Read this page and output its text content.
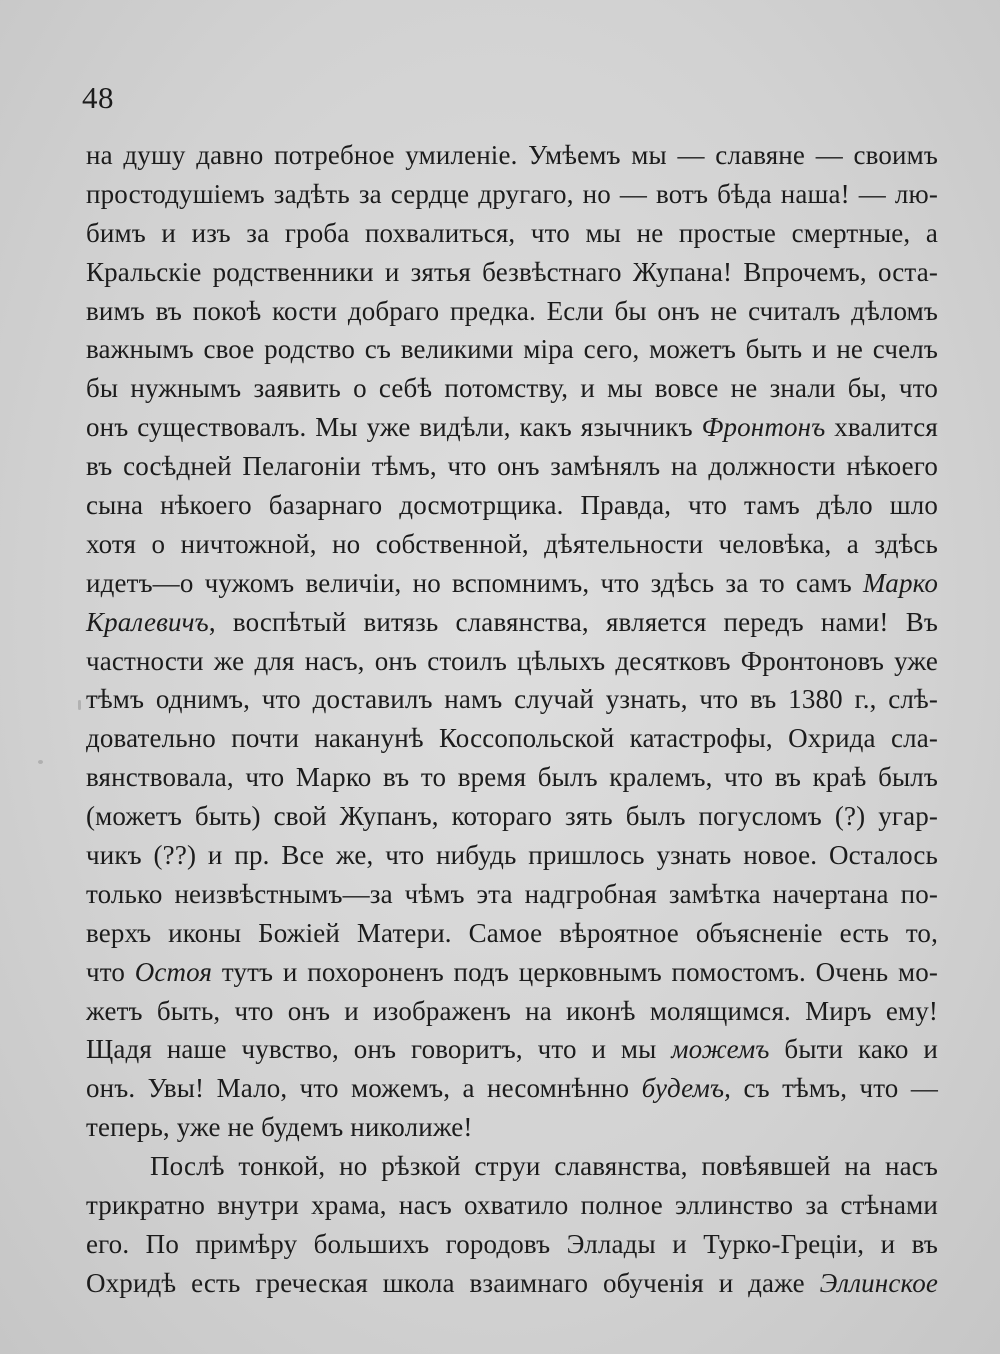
48
на душу давно потребное умиленіе. Умѣемъ мы — славяне — своимъ
простодушіемъ задѣть за сердце другаго, но — вотъ бѣда наша! — лю-
бимъ и изъ за гроба похвалиться, что мы не простые смертные, а
Кральскіе родственники и зятья безвѣстнаго Жупана! Впрочемъ, оста-
вимъ въ покоѣ кости добраго предка. Если бы онъ не считалъ дѣломъ
важнымъ свое родство съ великими міра сего, можетъ быть и не счелъ
бы нужнымъ заявить о себѣ потомству, и мы вовсе не знали бы, что
онъ существовалъ. Мы уже видѣли, какъ язычникъ Фронтонъ хвалится
въ сосѣдней Пелагоніи тѣмъ, что онъ замѣнялъ на должности нѣкоего
сына нѣкоего базарнаго досмотрщика. Правда, что тамъ дѣло шло
хотя о ничтожной, но собственной, дѣятельности человѣка, а здѣсь
идетъ—о чужомъ величіи, но вспомнимъ, что здѣсь за то самъ Марко
Кралевичъ, воспѣтый витязь славянства, является передъ нами! Въ
частности же для насъ, онъ стоилъ цѣлыхъ десятковъ Фронтоновъ уже
тѣмъ однимъ, что доставилъ намъ случай узнать, что въ 1380 г., слѣ-
довательно почти наканунѣ Коссопольской катастрофы, Охрида сла-
вянствовала, что Марко въ то время былъ кралемъ, что въ краѣ былъ
(можетъ быть) свой Жупанъ, котораго зять былъ погусломъ (?) угар-
чикъ (??) и пр. Все же, что нибудь пришлось узнать новое. Осталось
только неизвѣстнымъ—за чѣмъ эта надгробная замѣтка начертана по-
верхъ иконы Божіей Матери. Самое вѣроятное объясненіе есть то,
что Остоя тутъ и похороненъ подъ церковнымъ помостомъ. Очень мо-
жетъ быть, что онъ и изображенъ на иконѣ молящимся. Миръ ему!
Щадя наше чувство, онъ говоритъ, что и мы можемъ быти како и
онъ. Увы! Мало, что можемъ, а несомнѣнно будемъ, съ тѣмъ, что —
теперь, уже не будемъ николиже!
Послѣ тонкой, но рѣзкой струи славянства, повѣявшей на насъ
трикратно внутри храма, насъ охватило полное эллинство за стѣнами
его. По примѣру большихъ городовъ Эллады и Турко-Греціи, и въ
Охридѣ есть греческая школа взаимнаго обученія и даже Эллинское
